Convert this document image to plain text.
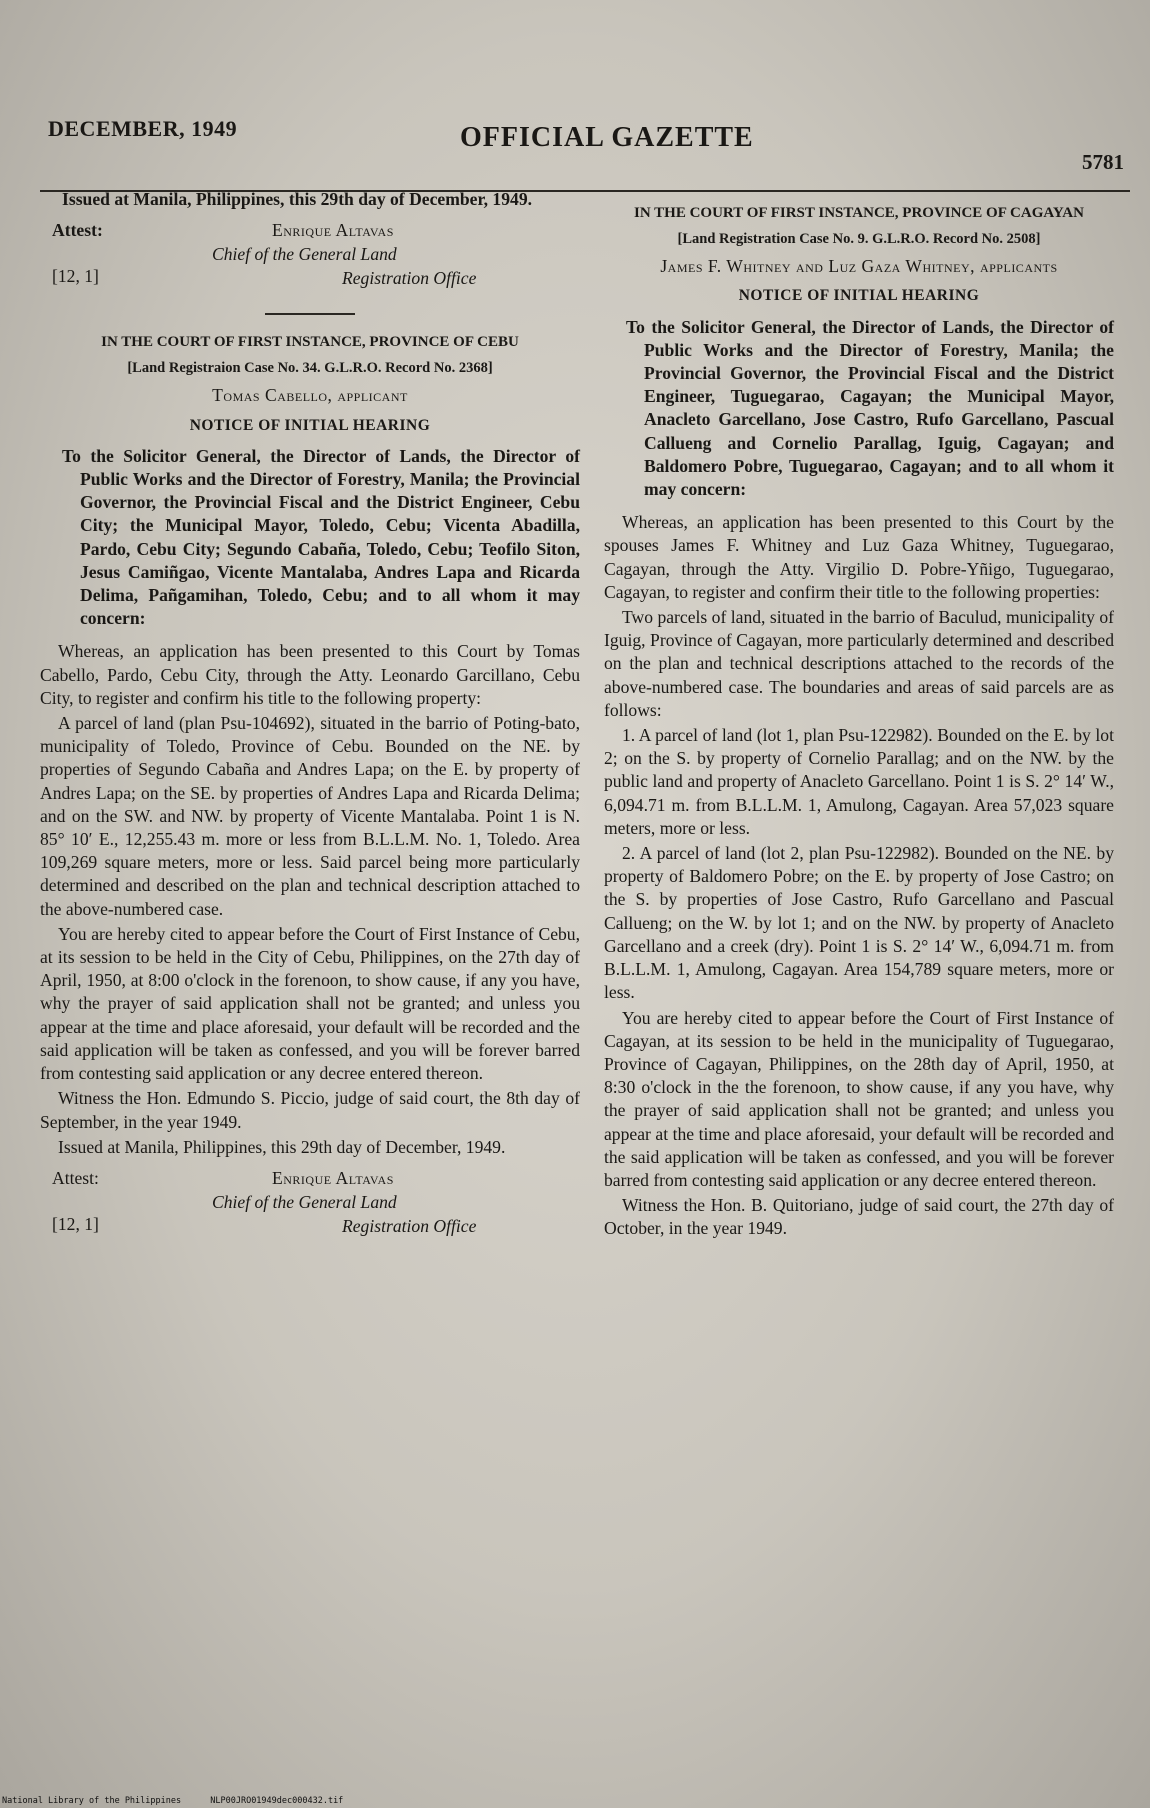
DECEMBER, 1949	OFFICIAL GAZETTE
5781

Issued at Manila, Philippines, this 29th day of December, 1949.

Attest:	Enrique Altavas
Chief of the General Land
[12, 1]	Registration Office
IN THE COURT OF FIRST INSTANCE, PROVINCE OF CEBU
[Land Registraion Case No. 34. G.L.R.O. Record No. 2368]
Tomas Cabello, applicant
NOTICE OF INITIAL HEARING

To the Solicitor General, the Director of Lands, the Director of Public Works and the Director of Forestry, Manila; the Provincial Governor, the Provincial Fiscal and the District Engineer, Cebu City; the Municipal Mayor, Toledo, Cebu; Vicenta Abadilla, Pardo, Cebu City; Segundo Cabaña, Toledo, Cebu; Teofilo Siton, Jesus Camiñgao, Vicente Mantalaba, Andres Lapa and Ricarda Delima, Pañgamihan, Toledo, Cebu; and to all whom it may concern:

Whereas, an application has been presented to this Court by Tomas Cabello, Pardo, Cebu City, through the Atty. Leonardo Garcillano, Cebu City, to register and confirm his title to the following property:

A parcel of land (plan Psu-104692), situated in the barrio of Poting-bato, municipality of Toledo, Province of Cebu. Bounded on the NE. by properties of Segundo Cabaña and Andres Lapa; on the E. by property of Andres Lapa; on the SE. by properties of Andres Lapa and Ricarda Delima; and on the SW. and NW. by property of Vicente Mantalaba. Point 1 is N. 85° 10′ E., 12,255.43 m. more or less from B.L.L.M. No. 1, Toledo. Area 109,269 square meters, more or less. Said parcel being more particularly determined and described on the plan and technical description attached to the above-numbered case.

You are hereby cited to appear before the Court of First Instance of Cebu, at its session to be held in the City of Cebu, Philippines, on the 27th day of April, 1950, at 8:00 o'clock in the forenoon, to show cause, if any you have, why the prayer of said application shall not be granted; and unless you appear at the time and place aforesaid, your default will be recorded and the said application will be taken as confessed, and you will be forever barred from contesting said application or any decree entered thereon.

Witness the Hon. Edmundo S. Piccio, judge of said court, the 8th day of September, in the year 1949.

Issued at Manila, Philippines, this 29th day of December, 1949.

Attest:	Enrique Altavas
Chief of the General Land
[12, 1]	Registration Office
IN THE COURT OF FIRST INSTANCE, PROVINCE OF CAGAYAN
[Land Registration Case No. 9. G.L.R.O. Record No. 2508]
James F. Whitney and Luz Gaza Whitney, applicants
NOTICE OF INITIAL HEARING

To the Solicitor General, the Director of Lands, the Director of Public Works and the Director of Forestry, Manila; the Provincial Governor, the Provincial Fiscal and the District Engineer, Tuguegarao, Cagayan; the Municipal Mayor, Anacleto Garcellano, Jose Castro, Rufo Garcellano, Pascual Callueng and Cornelio Parallag, Iguig, Cagayan; and Baldomero Pobre, Tuguegarao, Cagayan; and to all whom it may concern:

Whereas, an application has been presented to this Court by the spouses James F. Whitney and Luz Gaza Whitney, Tuguegarao, Cagayan, through the Atty. Virgilio D. Pobre-Yñigo, Tuguegarao, Cagayan, to register and confirm their title to the following properties:

Two parcels of land, situated in the barrio of Baculud, municipality of Iguig, Province of Cagayan, more particularly determined and described on the plan and technical descriptions attached to the records of the above-numbered case. The boundaries and areas of said parcels are as follows:

1. A parcel of land (lot 1, plan Psu-122982). Bounded on the E. by lot 2; on the S. by property of Cornelio Parallag; and on the NW. by the public land and property of Anacleto Garcellano. Point 1 is S. 2° 14′ W., 6,094.71 m. from B.L.L.M. 1, Amulong, Cagayan. Area 57,023 square meters, more or less.

2. A parcel of land (lot 2, plan Psu-122982). Bounded on the NE. by property of Baldomero Pobre; on the E. by property of Jose Castro; on the S. by properties of Jose Castro, Rufo Garcellano and Pascual Callueng; on the W. by lot 1; and on the NW. by property of Anacleto Garcellano and a creek (dry). Point 1 is S. 2° 14′ W., 6,094.71 m. from B.L.L.M. 1, Amulong, Cagayan. Area 154,789 square meters, more or less.

You are hereby cited to appear before the Court of First Instance of Cagayan, at its session to be held in the municipality of Tuguegarao, Province of Cagayan, Philippines, on the 28th day of April, 1950, at 8:30 o'clock in the the forenoon, to show cause, if any you have, why the prayer of said application shall not be granted; and unless you appear at the time and place aforesaid, your default will be recorded and the said application will be taken as confessed, and you will be forever barred from contesting said application or any decree entered thereon.

Witness the Hon. B. Quitoriano, judge of said court, the 27th day of October, in the year 1949.

National Library of the Philippines	NLP00JRO01949dec000432.tif
